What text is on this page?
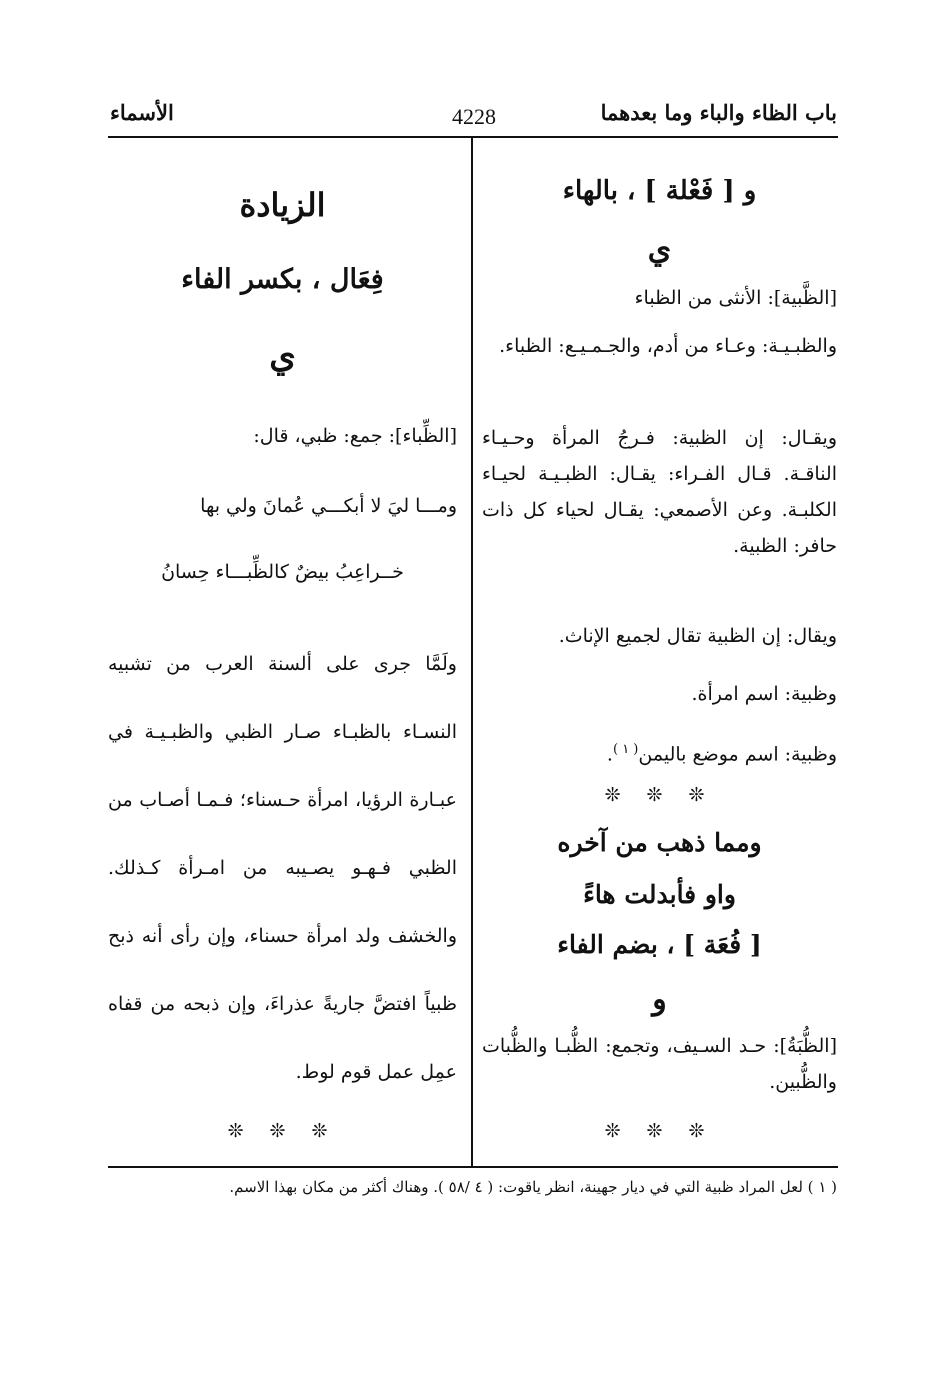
باب الظاء والباء وما بعدهما
4228
الأسماء
و [ فَعْلة ] ، بالهاء
ي
[الظَّبية]: الأنثى من الظباء
والظبـيـة: وعـاء من أدم، والجـمـيـع: الظباء.
ويقـال: إن الظبية: فـرجُ المرأة وحـيـاء الناقـة. قـال الفـراء: يقـال: الظبـيـة لحيـاء الكلبـة. وعن الأصمعي: يقـال لحياء كل ذات حافر: الظبية.
ويقال: إن الظبية تقال لجميع الإناث.
وظبية: اسم امرأة.
وظبية: اسم موضع باليمن$^{( ١ )}$.
❊ ❊ ❊
ومما ذهب من آخره
واو فأبدلت هاءً
[ فُعَة ] ، بضم الفاء
و
[الظُّبَةُ]: حـد السـيف، وتجمع: الظُّبـا والظُّبات والظُّبين.
❊ ❊ ❊
الزيادة
فِعَال ، بكسر الفاء
ي
[الظِّباء]: جمع: ظبي، قال:
ومـــا ليَ لا أبكـــي عُمانَ ولي بها
خــراعِبُ بيضٌ كالظِّبـــاء حِسانُ
ولَمَّا جرى على ألسنة العرب من تشبيه النسـاء بالظبـاء صـار الظبي والظبـيـة في عبـارة الرؤيا، امرأة حـسناء؛ فـمـا أصـاب من الظبي فـهـو يصـيبه من امـرأة كـذلك. والخشف ولد امرأة حسناء، وإن رأى أنه ذبح ظبياً افتضَّ جاريةً عذراءَ، وإن ذبحه من قفاه عمِل عمل قوم لوط.
❊ ❊ ❊
( ١ ) لعل المراد ظبية التي في ديار جهينة، انظر ياقوت: ( ٤ /٥٨ ). وهناك أكثر من مكان بهذا الاسم.
